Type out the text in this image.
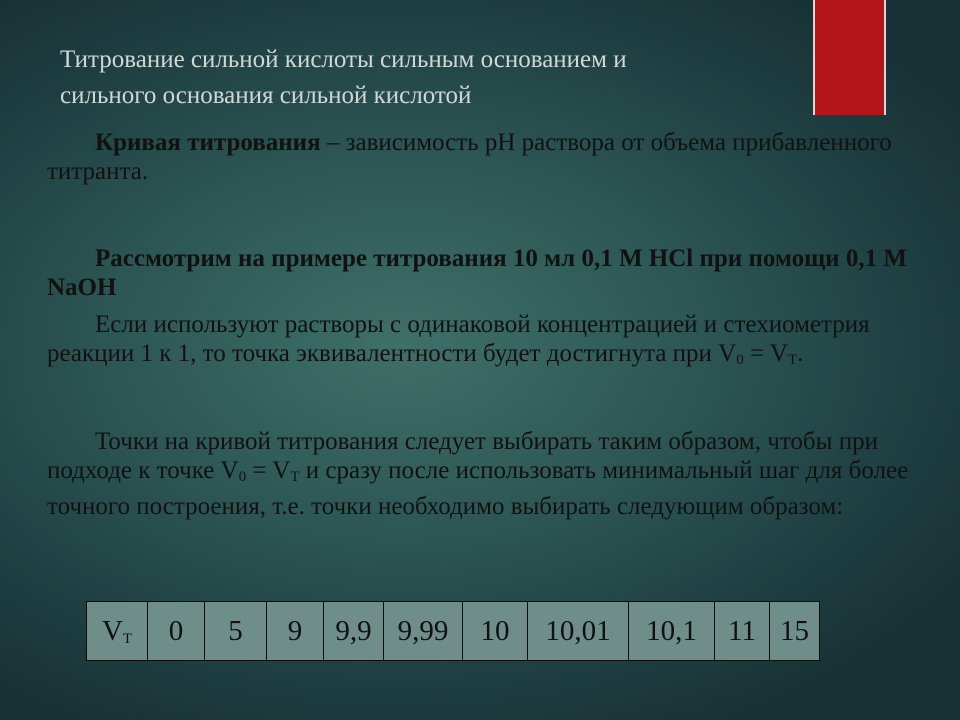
Титрование сильной кислоты сильным основанием и
сильного основания сильной кислотой

Кривая титрования – зависимость рН раствора от объема прибавленного титранта.

Рассмотрим на примере титрования 10 мл 0,1 М НCl при помощи 0,1 М NaOH

Если используют растворы с одинаковой концентрацией и стехиометрия реакции 1 к 1, то точка эквивалентности будет достигнута при $V_0 = V_T$.

Точки на кривой титрования следует выбирать таким образом, чтобы при подходе к точке $V_0 = V_T$ и сразу после использовать минимальный шаг для более точного построения, т.е. точки необходимо выбирать следующим образом:

$V_T$	0	5	9	9,9	9,99	10	10,01	10,1	11	15
